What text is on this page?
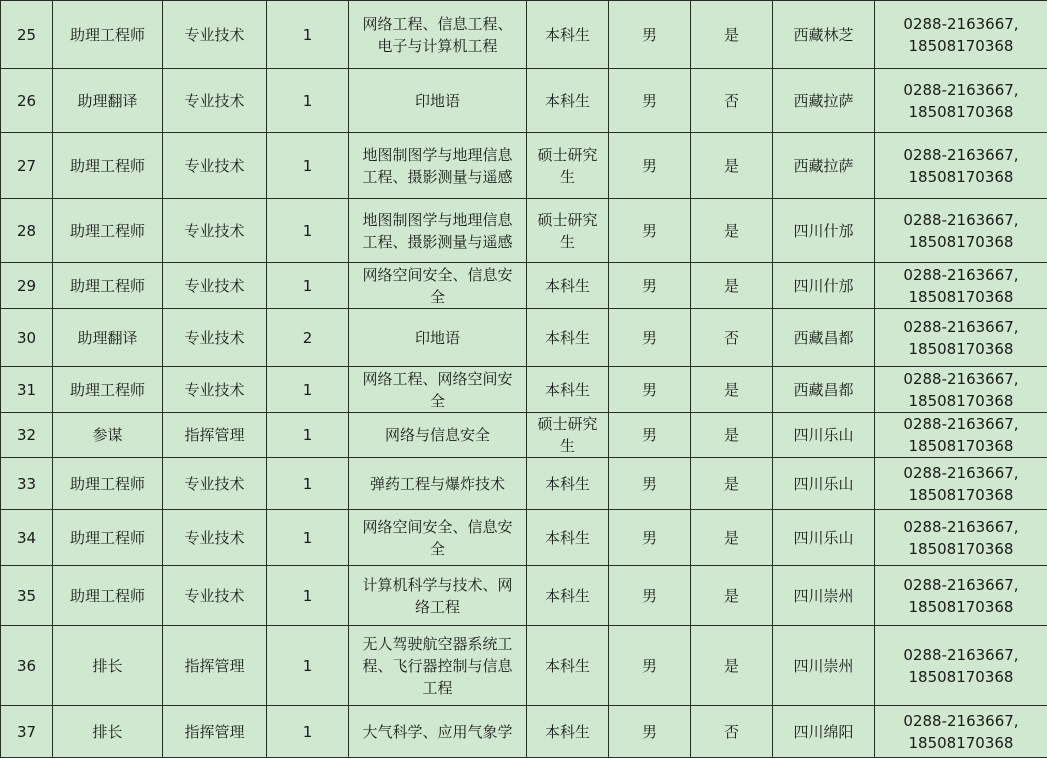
25	助理工程师	专业技术	1	网络工程、信息工程、
电子与计算机工程	本科生	男	是	西藏林芝	0288-2163667,
18508170368
26	助理翻译	专业技术	1	印地语	本科生	男	否	西藏拉萨	0288-2163667,
18508170368
27	助理工程师	专业技术	1	地图制图学与地理信息
工程、摄影测量与遥感	硕士研究
生	男	是	西藏拉萨	0288-2163667,
18508170368
28	助理工程师	专业技术	1	地图制图学与地理信息
工程、摄影测量与遥感	硕士研究
生	男	是	四川什邡	0288-2163667,
18508170368
29	助理工程师	专业技术	1	网络空间安全、信息安
全	本科生	男	是	四川什邡	0288-2163667,
18508170368
30	助理翻译	专业技术	2	印地语	本科生	男	否	西藏昌都	0288-2163667,
18508170368
31	助理工程师	专业技术	1	网络工程、网络空间安
全	本科生	男	是	西藏昌都	0288-2163667,
18508170368
32	参谋	指挥管理	1	网络与信息安全	硕士研究
生	男	是	四川乐山	0288-2163667,
18508170368
33	助理工程师	专业技术	1	弹药工程与爆炸技术	本科生	男	是	四川乐山	0288-2163667,
18508170368
34	助理工程师	专业技术	1	网络空间安全、信息安
全	本科生	男	是	四川乐山	0288-2163667,
18508170368
35	助理工程师	专业技术	1	计算机科学与技术、网
络工程	本科生	男	是	四川崇州	0288-2163667,
18508170368
36	排长	指挥管理	1	无人驾驶航空器系统工
程、飞行器控制与信息
工程	本科生	男	是	四川崇州	0288-2163667,
18508170368
37	排长	指挥管理	1	大气科学、应用气象学	本科生	男	否	四川绵阳	0288-2163667,
18508170368
